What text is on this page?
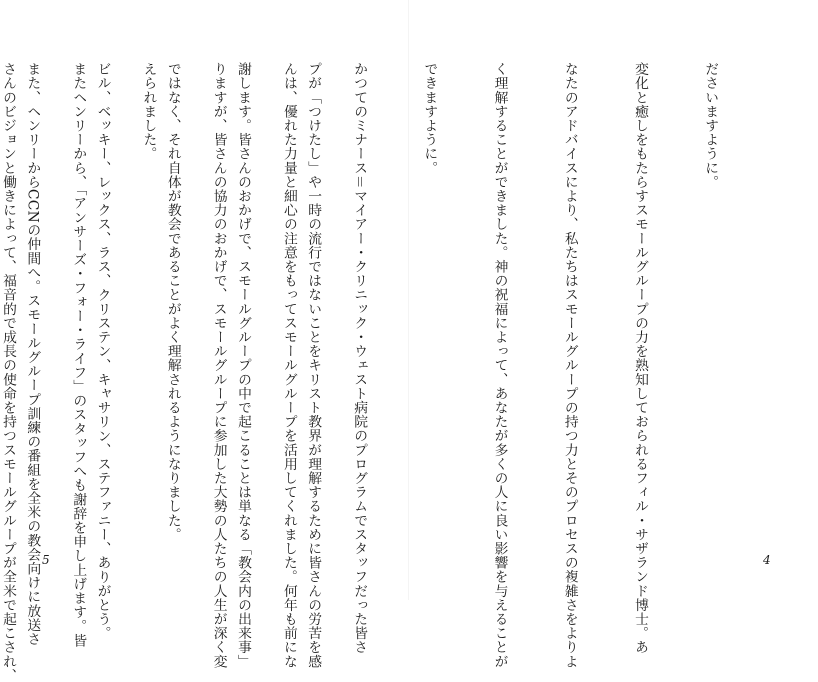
ださいますように。

変化と癒しをもたらすスモールグループの力を熟知しておられるフィル・サザランド博士。あ

なたのアドバイスにより、私たちはスモールグループの持つ力とそのプロセスの複雑さをよりよ

く理解することができました。神の祝福によって、あなたが多くの人に良い影響を与えることが

できますように。

かつてのミナース＝マイアー・クリニック・ウェスト病院のプログラムでスタッフだった皆さ

んは、優れた力量と細心の注意をもってスモールグループを活用してくれました。何年も前にな

りますが、皆さんの協力のおかげで、スモールグループに参加した大勢の人たちの人生が深く変

えられました。

またヘンリーから、「アンサーズ・フォー・ライフ」のスタッフへも謝辞を申し上げます。皆

さんのビジョンと働きによって、福音的で成長の使命を持つスモールグループが全米で起こされ、

	4

プが「つけたし」や一時の流行ではないことをキリスト教界が理解するために皆さんの労苦を感

謝します。皆さんのおかげで、スモールグループの中で起こることは単なる「教会内の出来事」

ではなく、それ自体が教会であることがよく理解されるようになりました。

ビル、ベッキー、レックス、ラス、クリステン、キャサリン、ステファニー、ありがとう。

また、ヘンリーからCCNの仲間へ。スモールグループ訓練の番組を全米の教会向けに放送さ

5
